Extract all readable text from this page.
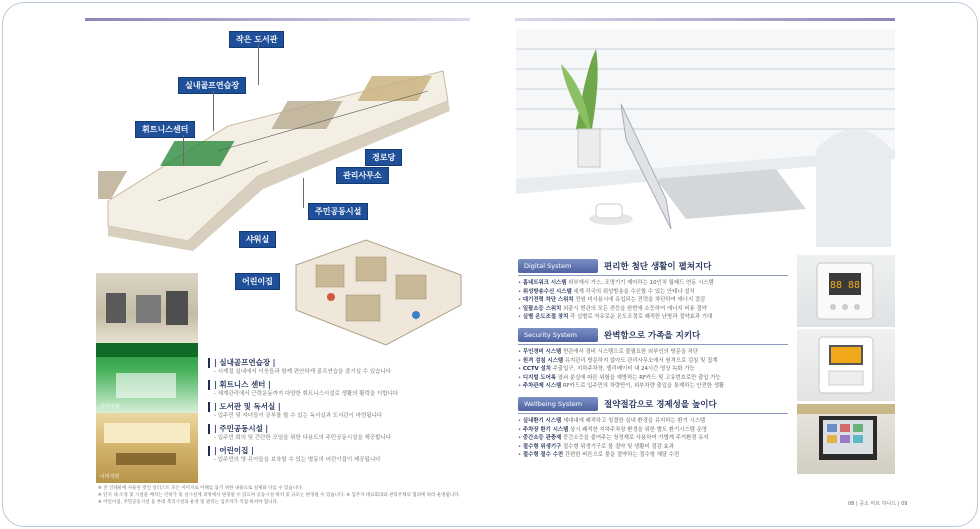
작은 도서관
실내골프연습장
휘트니스센터
경로당
관리사무소
주민공동시설
샤워실
어린이집
이미지컷
이미지컷
| 실내골프연습장 |
- 시계절 실내에서 이웃들과 함께 편안하게 골프연습을 즐기실 수 있습니다
| 휘트니스 센터 |
- 체계관리에서 근력운동까지 다양한 휘트니스시설로 생활의 활력을 더합니다
| 도서관 및 독서실 |
- 입주민 및 자녀들이 공부를 할 수 있는 독서실과 도서관이 마련됩니다
| 주민공동시설 |
- 입주민 회의 및 간단한 모임을 위한 다용도의 주민공동시설을 제공합니다
| 어린이집 |
- 입주민의 영·유아들을 보육할 수 있는 별동의 어린이집이 제공됩니다
※ 본 인쇄물에 사용된 컷인 일러스트 모든 이미지로 이해를 돕기 위한 내용으로 실제와 다를 수 있습니다.
※ 단지 내 조경 및 시설물 배치는 인허가 및 실시설계 과정에서 변경될 수 있으며 공동시설 위치 및 규모는 변경될 수 있습니다. ※ 입주자 대표회의와 관리주체의 협의에 따라 운영됩니다.
※ 어린이집, 주민공동시설 등 부대 복리시설의 운영 및 관리는 입주자가 직접 하셔야 합니다.
Digital System	편리한 첨단 생활이 펼쳐지다
• 홈네트워크 시스템 외부에서 가스, 조명기기 제어하는 10인치 월패드 연동 시스템
• 위성방송수신 시스템 세계 각국의 위성방송을 수신할 수 있는 안테나 설치
• 대기전력 차단 스위치 전원 미사용시에 유입되는 전력을 차단하여 에너지 절감
• 일괄소등 스위치 외출시 현관의 모든 전등을 한번에 소등하여 에너지 비용 절약
• 실별 온도조절 장치 각 실별로 자유로운 온도조절로 쾌적한 난방과 절약효과 기대
Security System	완벽함으로 가족을 지키다
• 무인경비 시스템 현관에서 경비 시스템으로 불필요한 외부인의 방문을 차단
• 원격 검침 시스템 유지관리 방문하지 않아도 관리사무소에서 원격으로 검침 및 집계
• CCTV 설치 주출입구, 지하주차장, 엘리베이터 내 24시간 영상 녹화 가능
• 디지털 도어록 열쇠 분실에 따른 위험을 예방하는 RF카드 및 고유번호로만 출입 가능
• 주차관제 시스템 RF카드로 입주민의 차량만이, 외부차량 출입을 통제하는 안전한 생활
Wellbeing System	절약절감으로 경제성을 높이다
• 실내환기 시스템 세대내에 쾌적하고 청결한 실내 환경을 유지하는 환기 시스템
• 주차장 환기 시스템 상시 쾌적한 지하주차장 환경을 위한 별도 환기시스템 운영
• 중간소등 관충제 중간소등을 줄여주는 청정재로 사용하여 가볍게 주거환경 유지
• 절수형 위생기구 절수형 위생기구로 물 절약 및 생활비 절감 효과
• 절수형 절수 수전 간편한 버튼으로 물을 절약하는 절수형 체달 수전
88 88
08 | 중소 마르 하나드 | 09
